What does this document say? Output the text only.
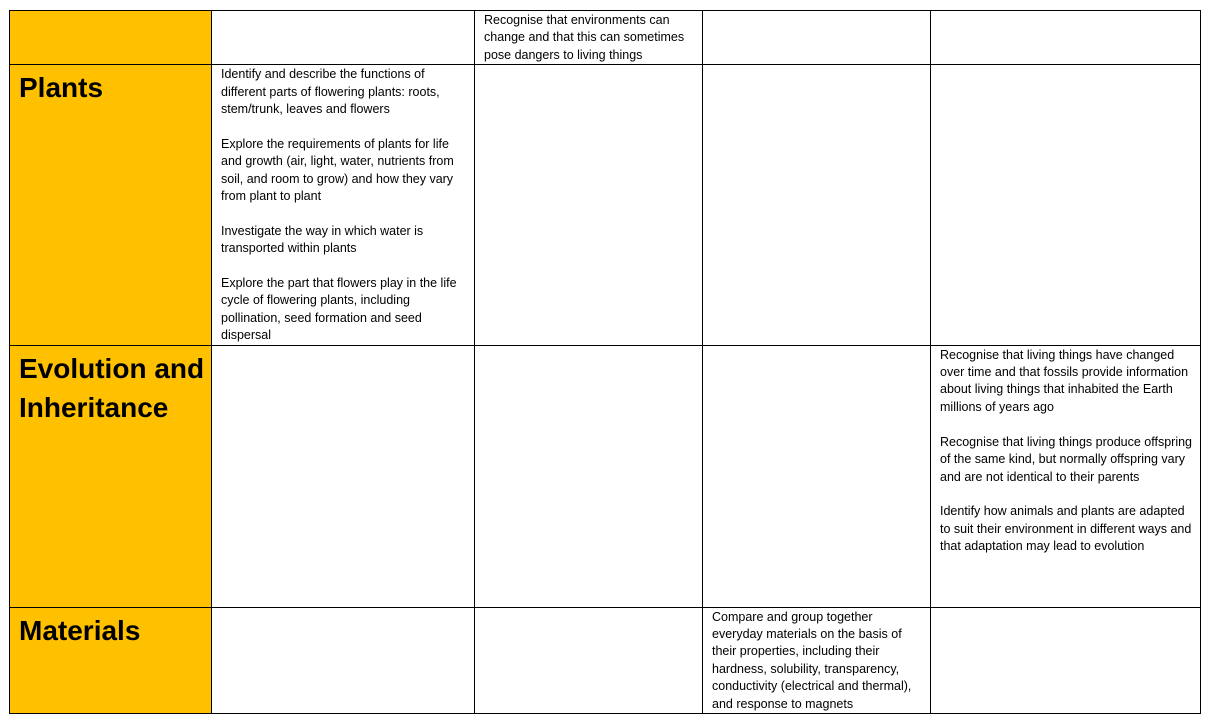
		Recognise that environments can change and that this can sometimes pose dangers to living things		

Plants	Identify and describe the functions of different parts of flowering plants: roots, stem/trunk, leaves and flowers
Explore the requirements of plants for life and growth (air, light, water, nutrients from soil, and room to grow) and how they vary from plant to plant
Investigate the way in which water is transported within plants
Explore the part that flowers play in the life cycle of flowering plants, including pollination, seed formation and seed dispersal			

Evolution and Inheritance				Recognise that living things have changed over time and that fossils provide information about living things that inhabited the Earth millions of years ago
Recognise that living things produce offspring of the same kind, but normally offspring vary and are not identical to their parents
Identify how animals and plants are adapted to suit their environment in different ways and that adaptation may lead to evolution

Materials			Compare and group together everyday materials on the basis of their properties, including their hardness, solubility, transparency, conductivity (electrical and thermal), and response to magnets	
